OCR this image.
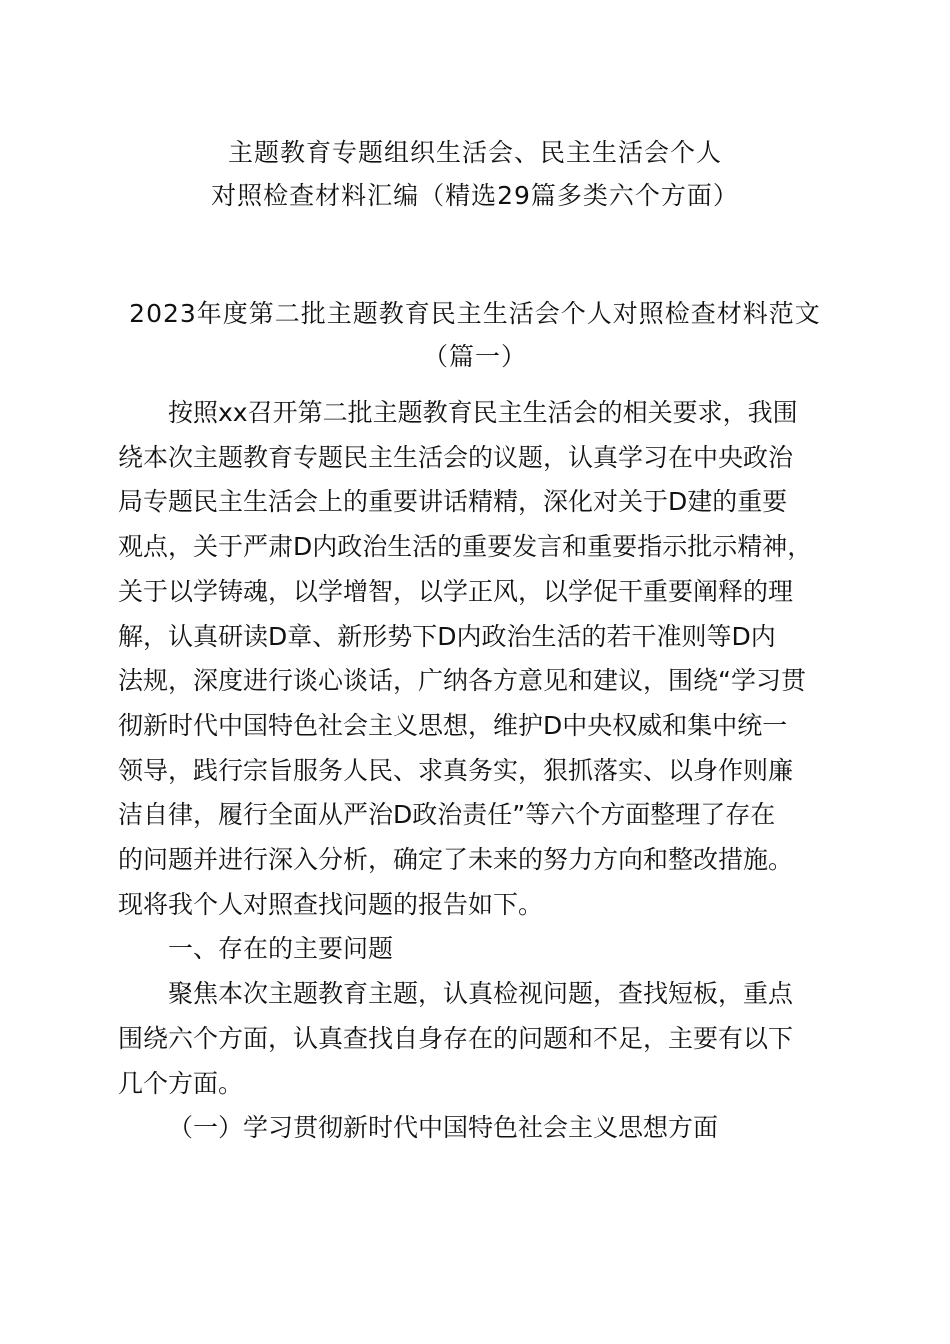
主题教育专题组织生活会、民主生活会个人
对照检查材料汇编（精选29篇多类六个方面）
2023年度第二批主题教育民主生活会个人对照检查材料范文
（篇一）
按照xx召开第二批主题教育民主生活会的相关要求，我围
绕本次主题教育专题民主生活会的议题，认真学习在中央政治
局专题民主生活会上的重要讲话精精，深化对关于D建的重要
观点，关于严肃D内政治生活的重要发言和重要指示批示精神，
关于以学铸魂，以学增智，以学正风，以学促干重要阐释的理
解，认真研读D章、新形势下D内政治生活的若干准则等D内
法规，深度进行谈心谈话，广纳各方意见和建议，围绕“学习贯
彻新时代中国特色社会主义思想，维护D中央权威和集中统一
领导，践行宗旨服务人民、求真务实，狠抓落实、以身作则廉
洁自律，履行全面从严治D政治责任”等六个方面整理了存在
的问题并进行深入分析，确定了未来的努力方向和整改措施。
现将我个人对照查找问题的报告如下。
一、存在的主要问题
聚焦本次主题教育主题，认真检视问题，查找短板，重点
围绕六个方面，认真查找自身存在的问题和不足，主要有以下
几个方面。
（一）学习贯彻新时代中国特色社会主义思想方面
